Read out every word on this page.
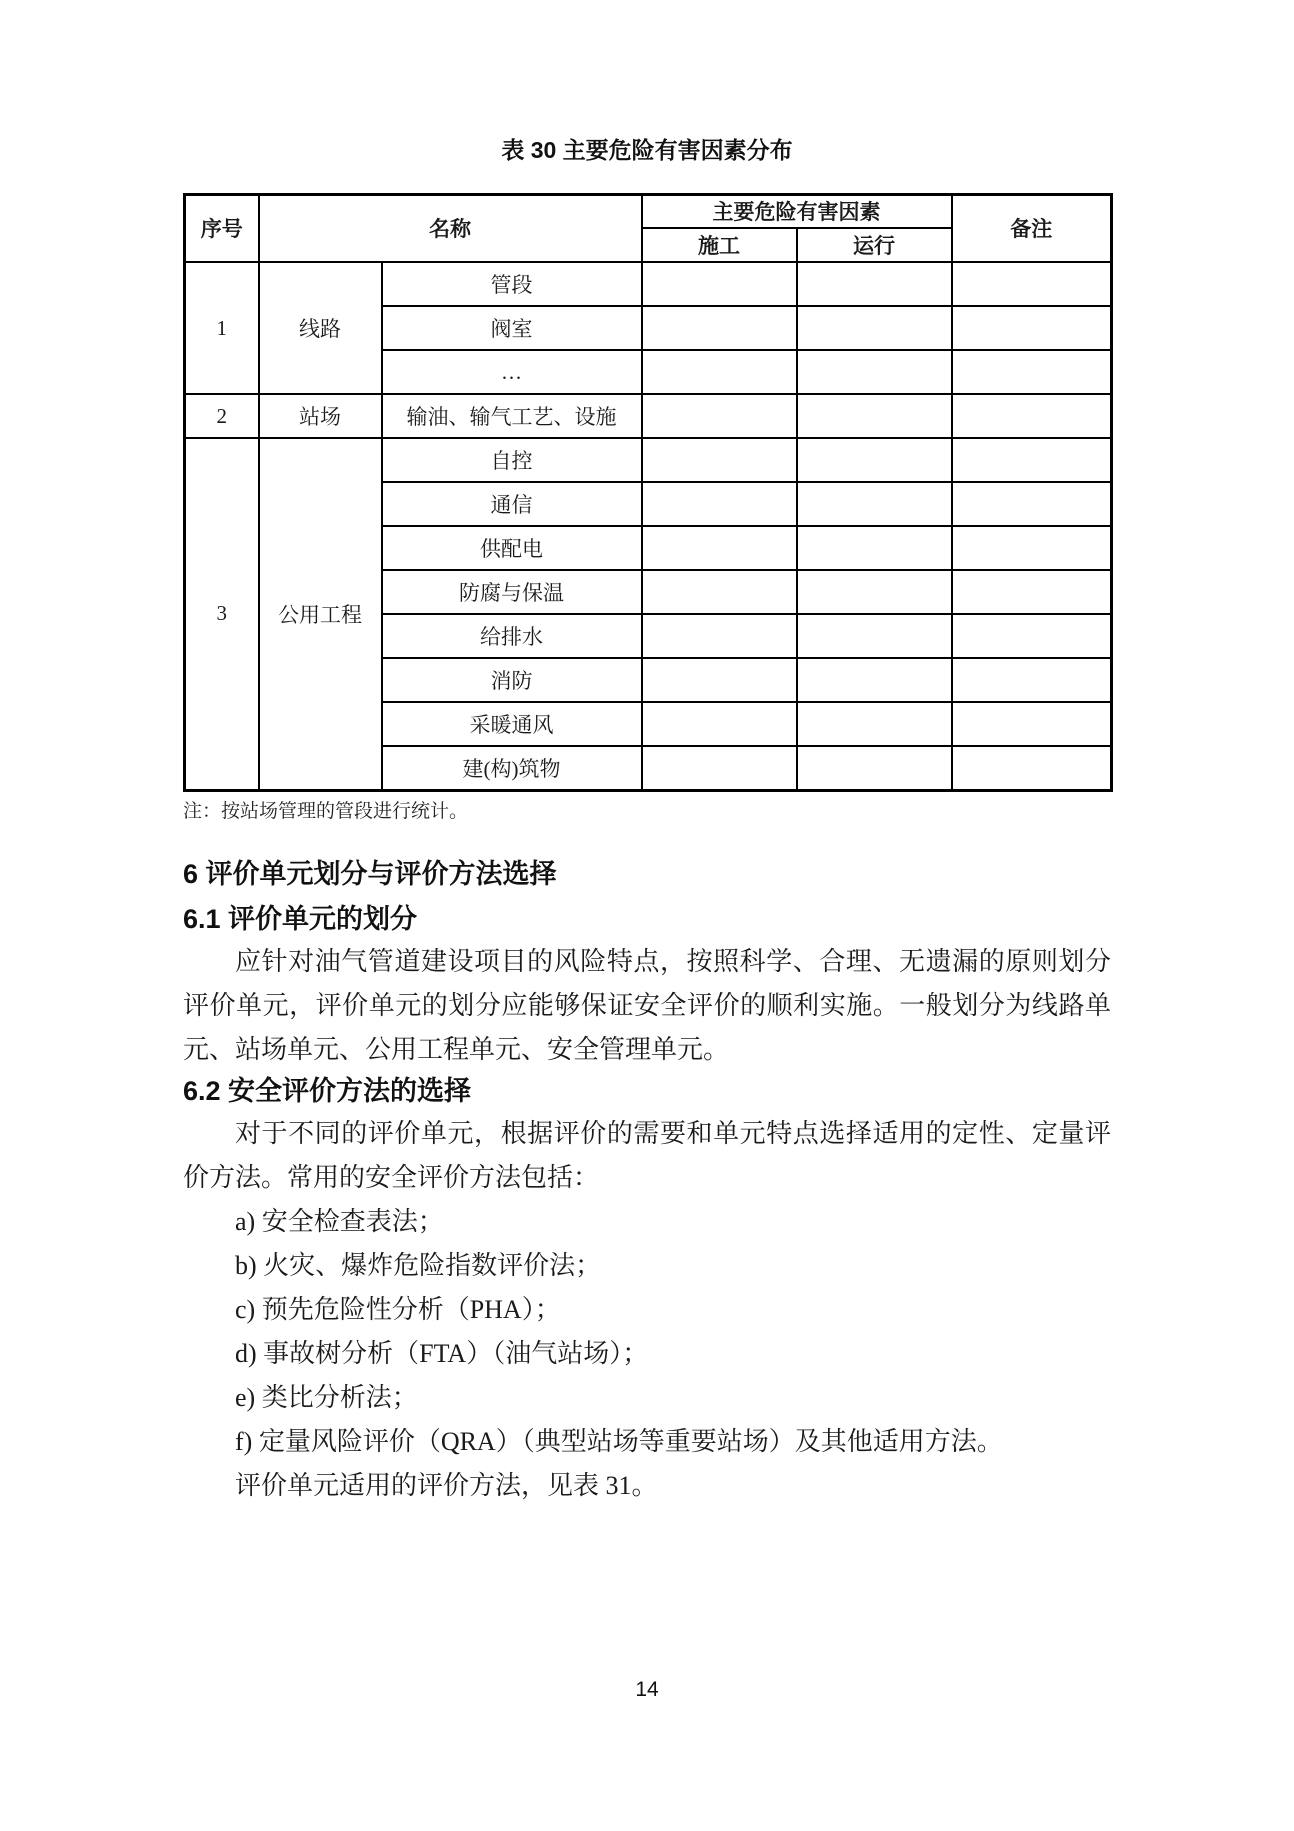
表 30 主要危险有害因素分布
序号	名称		主要危险有害因素		备注
			施工	运行	
1	线路	管段			
		阀室			
		…			
2	站场	输油、输气工艺、设施			
3	公用工程	自控			
		通信			
		供配电			
		防腐与保温			
		给排水			
		消防			
		采暖通风			
		建(构)筑物			
注：按站场管理的管段进行统计。
6 评价单元划分与评价方法选择
6.1 评价单元的划分
应针对油气管道建设项目的风险特点，按照科学、合理、无遗漏的原则划分评价单元，评价单元的划分应能够保证安全评价的顺利实施。一般划分为线路单元、站场单元、公用工程单元、安全管理单元。
6.2 安全评价方法的选择
对于不同的评价单元，根据评价的需要和单元特点选择适用的定性、定量评价方法。常用的安全评价方法包括：
a) 安全检查表法；
b) 火灾、爆炸危险指数评价法；
c) 预先危险性分析（PHA）；
d) 事故树分析（FTA）（油气站场）；
e) 类比分析法；
f) 定量风险评价（QRA）（典型站场等重要站场）及其他适用方法。
评价单元适用的评价方法，见表 31。
14
